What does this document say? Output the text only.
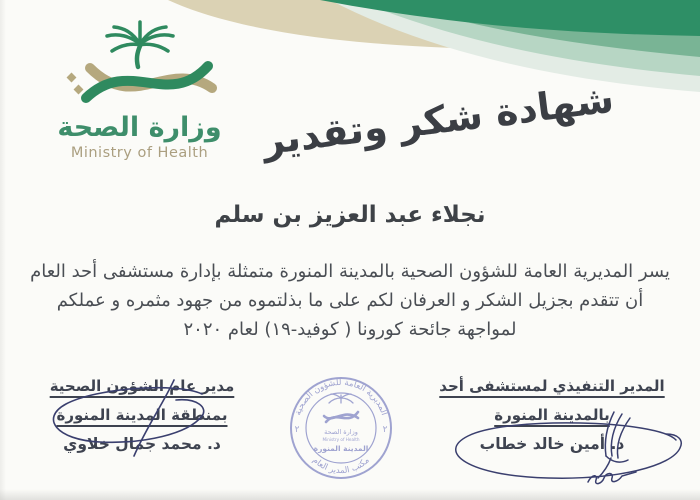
وزارة الصحة
Ministry of Health	شهادة شكر وتقدير
نجلاء عبد العزيز بن سلم
يسر المديرية العامة للشؤون الصحية بالمدينة المنورة متمثلة بإدارة مستشفى أحد العام
أن تتقدم بجزيل الشكر و العرفان لكم على ما بذلتموه من جهود مثمره و عملكم
لمواجهة جائحة كورونا ( كوفيد-١٩) لعام ٢٠٢٠
مدير عام الشؤون الصحية
بمنطقة المدينة المنورة
د. محمد جمال خلاوي
المدير التنفيذي لمستشفى أحد
بالمدينة المنورة
د. أمين خالد خطاب
المديرية العامة للشؤون الصحية
مكتب المدير العام
وزارة الصحة
Ministry of Health
المدينة المنورة
٢	٢
